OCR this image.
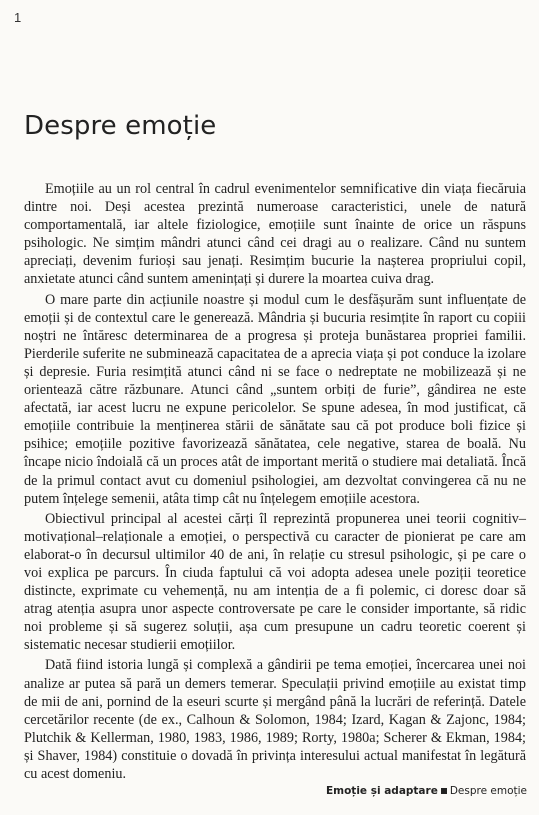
1
Despre emoție

Emoțiile au un rol central în cadrul evenimentelor semnificative din viața fiecăruia dintre noi. Deși acestea prezintă numeroase caracteristici, unele de natură comportamentală, iar altele fiziologice, emoțiile sunt înainte de orice un răspuns psihologic. Ne simțim mândri atunci când cei dragi au o realizare. Când nu suntem apreciați, devenim furioși sau jenați. Resimțim bucurie la nașterea propriului copil, anxietate atunci când suntem amenințați și durere la moartea cuiva drag.

O mare parte din acțiunile noastre și modul cum le desfășurăm sunt influențate de emoții și de contextul care le generează. Mândria și bucuria resimțite în raport cu copiii noștri ne întăresc determinarea de a progresa și proteja bunăstarea propriei familii. Pierderile suferite ne subminează capacitatea de a aprecia viața și pot conduce la izolare și depresie. Furia resimțită atunci când ni se face o nedreptate ne mobilizează și ne orientează către răzbunare. Atunci când „suntem orbiți de furie”, gândirea ne este afectată, iar acest lucru ne expune pericolelor. Se spune adesea, în mod justificat, că emoțiile contribuie la menținerea stării de sănătate sau că pot produce boli fizice și psihice; emoțiile pozitive favorizează sănătatea, cele negative, starea de boală. Nu încape nicio îndoială că un proces atât de important merită o studiere mai detaliată. Încă de la primul contact avut cu domeniul psihologiei, am dezvoltat convingerea că nu ne putem înțelege semenii, atâta timp cât nu înțelegem emoțiile acestora.

Obiectivul principal al acestei cărți îl reprezintă propunerea unei teorii cognitiv–motivațional–relaționale a emoției, o perspectivă cu caracter de pionierat pe care am elaborat-o în decursul ultimilor 40 de ani, în relație cu stresul psihologic, și pe care o voi explica pe parcurs. În ciuda faptului că voi adopta adesea unele poziții teoretice distincte, exprimate cu vehemență, nu am intenția de a fi polemic, ci doresc doar să atrag atenția asupra unor aspecte controversate pe care le consider importante, să ridic noi probleme și să sugerez soluții, așa cum presupune un cadru teoretic coerent și sistematic necesar studierii emoțiilor.

Dată fiind istoria lungă și complexă a gândirii pe tema emoției, încercarea unei noi analize ar putea să pară un demers temerar. Speculații privind emoțiile au existat timp de mii de ani, pornind de la eseuri scurte și mergând până la lucrări de referință. Datele cercetărilor recente (de ex., Calhoun & Solomon, 1984; Izard, Kagan & Zajonc, 1984; Plutchik & Kellerman, 1980, 1983, 1986, 1989; Rorty, 1980a; Scherer & Ekman, 1984; și Shaver, 1984) constituie o dovadă în privința interesului actual manifestat în legătură cu acest domeniu.

Emoție și adaptare Despre emoție
